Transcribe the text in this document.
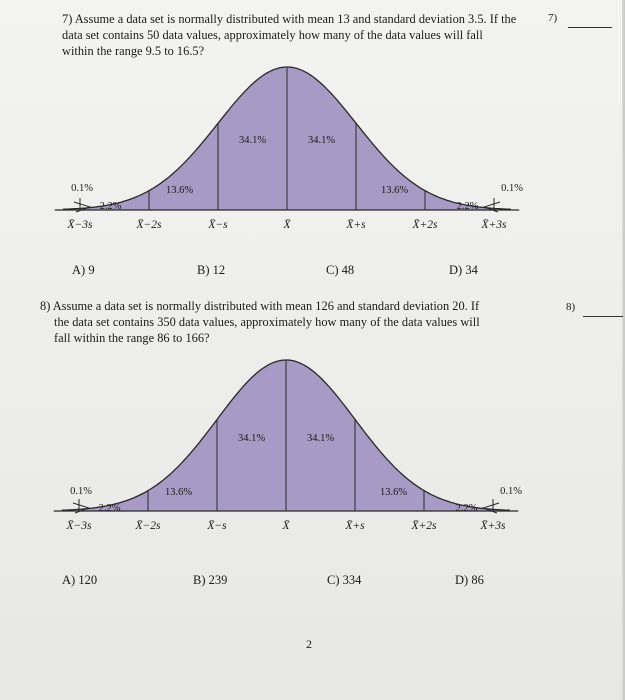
7) Assume a data set is normally distributed with mean 13 and standard deviation 3.5. If the
data set contains 50 data values, approximately how many of the data values will fall
within the range 9.5 to 16.5?
7)
X̄−3s	X̄−2s	X̄−s	X̄	X̄+s	X̄+2s	X̄+3s
34.1%	34.1%
13.6%	13.6%
2.2%	2.2%
0.1%	0.1%
A) 9	B) 12	C) 48	D) 34
8) Assume a data set is normally distributed with mean 126 and standard deviation 20. If
the data set contains 350 data values, approximately how many of the data values will
fall within the range 86 to 166?
8)
X̄−3s	X̄−2s	X̄−s	X̄	X̄+s	X̄+2s	X̄+3s
34.1%	34.1%
13.6%	13.6%
2.2%	2.2%
0.1%	0.1%
A) 120	B) 239	C) 334	D) 86
2
